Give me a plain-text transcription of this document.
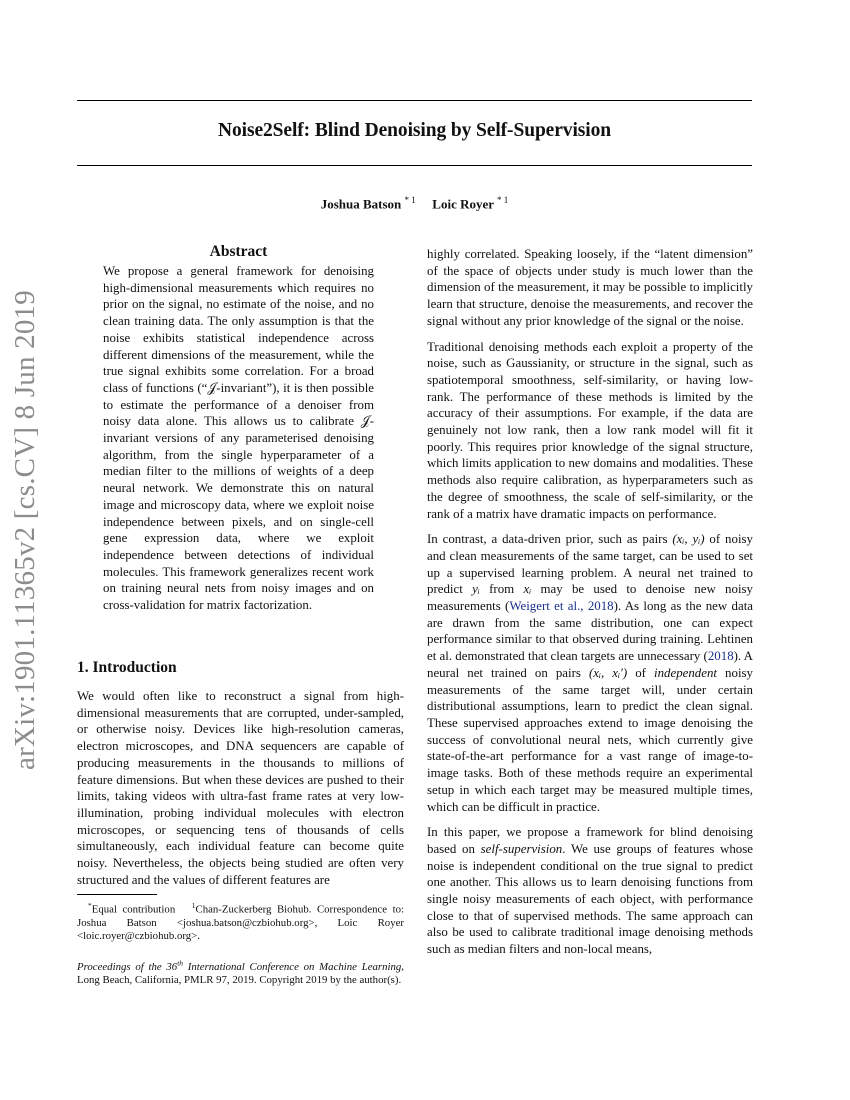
Noise2Self: Blind Denoising by Self-Supervision
Joshua Batson $^{* 1}$ Loic Royer $^{* 1}$
arXiv:1901.11365v2 [cs.CV] 8 Jun 2019
Abstract

We propose a general framework for denoising high-dimensional measurements which requires no prior on the signal, no estimate of the noise, and no clean training data. The only assumption is that the noise exhibits statistical independence across different dimensions of the measurement, while the true signal exhibits some correlation. For a broad class of functions (“𝒥-invariant”), it is then possible to estimate the performance of a denoiser from noisy data alone. This allows us to calibrate 𝒥-invariant versions of any parameterised denoising algorithm, from the single hyperparameter of a median filter to the millions of weights of a deep neural network. We demonstrate this on natural image and microscopy data, where we exploit noise independence between pixels, and on single-cell gene expression data, where we exploit independence between detections of individual molecules. This framework generalizes recent work on training neural nets from noisy images and on cross-validation for matrix factorization.

1. Introduction

We would often like to reconstruct a signal from high-dimensional measurements that are corrupted, under-sampled, or otherwise noisy. Devices like high-resolution cameras, electron microscopes, and DNA sequencers are capable of producing measurements in the thousands to millions of feature dimensions. But when these devices are pushed to their limits, taking videos with ultra-fast frame rates at very low-illumination, probing individual molecules with electron microscopes, or sequencing tens of thousands of cells simultaneously, each individual feature can become quite noisy. Nevertheless, the objects being studied are often very structured and the values of different features are

*Equal contribution $^1$Chan-Zuckerberg Biohub. Correspondence to: Joshua Batson <joshua.batson@czbiohub.org>, Loic Royer <loic.royer@czbiohub.org>.
Proceedings of the 36th International Conference on Machine Learning, Long Beach, California, PMLR 97, 2019. Copyright 2019 by the author(s).

highly correlated. Speaking loosely, if the “latent dimension” of the space of objects under study is much lower than the dimension of the measurement, it may be possible to implicitly learn that structure, denoise the measurements, and recover the signal without any prior knowledge of the signal or the noise.

Traditional denoising methods each exploit a property of the noise, such as Gaussianity, or structure in the signal, such as spatiotemporal smoothness, self-similarity, or having low-rank. The performance of these methods is limited by the accuracy of their assumptions. For example, if the data are genuinely not low rank, then a low rank model will fit it poorly. This requires prior knowledge of the signal structure, which limits application to new domains and modalities. These methods also require calibration, as hyperparameters such as the degree of smoothness, the scale of self-similarity, or the rank of a matrix have dramatic impacts on performance.

In contrast, a data-driven prior, such as pairs (xᵢ, yᵢ) of noisy and clean measurements of the same target, can be used to set up a supervised learning problem. A neural net trained to predict yᵢ from xᵢ may be used to denoise new noisy measurements (Weigert et al., 2018). As long as the new data are drawn from the same distribution, one can expect performance similar to that observed during training. Lehtinen et al. demonstrated that clean targets are unnecessary (2018). A neural net trained on pairs (xᵢ, xᵢ′) of independent noisy measurements of the same target will, under certain distributional assumptions, learn to predict the clean signal. These supervised approaches extend to image denoising the success of convolutional neural nets, which currently give state-of-the-art performance for a vast range of image-to-image tasks. Both of these methods require an experimental setup in which each target may be measured multiple times, which can be difficult in practice.

In this paper, we propose a framework for blind denoising based on self-supervision. We use groups of features whose noise is independent conditional on the true signal to predict one another. This allows us to learn denoising functions from single noisy measurements of each object, with performance close to that of supervised methods. The same approach can also be used to calibrate traditional image denoising methods such as median filters and non-local means,
